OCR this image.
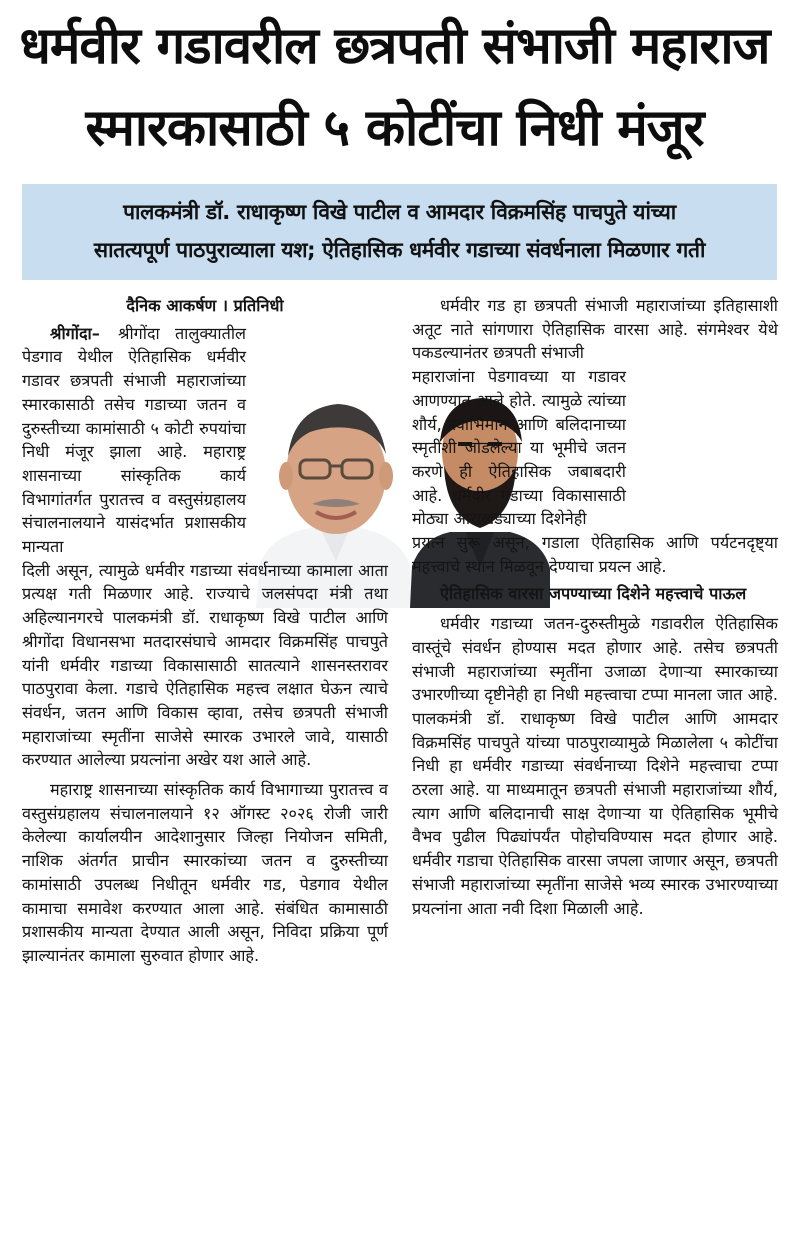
धर्मवीर गडावरील छत्रपती संभाजी महाराज
स्मारकासाठी ५ कोटींचा निधी मंजूर
पालकमंत्री डॉ. राधाकृष्ण विखे पाटील व आमदार विक्रमसिंह पाचपुते यांच्या
सातत्यपूर्ण पाठपुराव्याला यश; ऐतिहासिक धर्मवीर गडाच्या संवर्धनाला मिळणार गती
दैनिक आकर्षण । प्रतिनिधी

श्रीगोंदा–	श्रीगोंदा तालुक्यातील पेडगाव येथील ऐतिहासिक धर्मवीर गडावर छत्रपती संभाजी महाराजांच्या स्मारकासाठी तसेच गडाच्या जतन व दुरुस्तीच्या कामांसाठी ५ कोटी रुपयांचा निधी मंजूर झाला आहे. महाराष्ट्र शासनाच्या सांस्कृतिक कार्य विभागांतर्गत पुरातत्त्व व वस्तुसंग्रहालय संचालनालयाने यासंदर्भात प्रशासकीय मान्यता

दिली असून, त्यामुळे धर्मवीर गडाच्या संवर्धनाच्या कामाला आता प्रत्यक्ष गती मिळणार आहे. राज्याचे जलसंपदा मंत्री तथा अहिल्यानगरचे पालकमंत्री डॉ. राधाकृष्ण विखे पाटील आणि श्रीगोंदा विधानसभा मतदारसंघाचे आमदार विक्रमसिंह पाचपुते यांनी धर्मवीर गडाच्या विकासासाठी सातत्याने शासनस्तरावर पाठपुरावा केला. गडाचे ऐतिहासिक महत्त्व लक्षात घेऊन त्याचे संवर्धन, जतन आणि विकास व्हावा, तसेच छत्रपती संभाजी महाराजांच्या स्मृतींना साजेसे स्मारक उभारले जावे, यासाठी करण्यात आलेल्या प्रयत्नांना अखेर यश आले आहे.

महाराष्ट्र शासनाच्या सांस्कृतिक कार्य विभागाच्या पुरातत्त्व व वस्तुसंग्रहालय संचालनालयाने १२ ऑगस्ट २०२६ रोजी जारी केलेल्या कार्यालयीन आदेशानुसार जिल्हा नियोजन समिती, नाशिक अंतर्गत प्राचीन स्मारकांच्या जतन व दुरुस्तीच्या कामांसाठी उपलब्ध निधीतून धर्मवीर गड, पेडगाव येथील कामाचा समावेश करण्यात आला आहे. संबंधित कामासाठी प्रशासकीय मान्यता देण्यात आली असून, निविदा प्रक्रिया पूर्ण झाल्यानंतर कामाला सुरुवात होणार आहे.

धर्मवीर गड हा छत्रपती संभाजी महाराजांच्या इतिहासाशी अतूट नाते सांगणारा ऐतिहासिक वारसा आहे. संगमेश्वर येथे पकडल्यानंतर छत्रपती संभाजी

महाराजांना पेडगावच्या या गडावर आणण्यात आले होते. त्यामुळे त्यांच्या शौर्य, स्वाभिमान आणि बलिदानाच्या स्मृतींशी जोडलेल्या या भूमीचे जतन करणे ही ऐतिहासिक जबाबदारी आहे. धर्मवीर गडाच्या विकासासाठी मोठ्या आराखड्याच्या दिशेनेही

प्रयत्न सुरू असून, गडाला ऐतिहासिक आणि पर्यटनदृष्ट्या महत्त्वाचे स्थान मिळवून देण्याचा प्रयत्न आहे.

ऐतिहासिक वारसा जपण्याच्या दिशेने महत्त्वाचे पाऊल

धर्मवीर गडाच्या जतन-दुरुस्तीमुळे गडावरील ऐतिहासिक वास्तूंचे संवर्धन होण्यास मदत होणार आहे. तसेच छत्रपती संभाजी महाराजांच्या स्मृतींना उजाळा देणाऱ्या स्मारकाच्या उभारणीच्या दृष्टीनेही हा निधी महत्त्वाचा टप्पा मानला जात आहे. पालकमंत्री डॉ. राधाकृष्ण विखे पाटील आणि आमदार विक्रमसिंह पाचपुते यांच्या पाठपुराव्यामुळे मिळालेला ५ कोटींचा निधी हा धर्मवीर गडाच्या संवर्धनाच्या दिशेने महत्त्वाचा टप्पा ठरला आहे. या माध्यमातून छत्रपती संभाजी महाराजांच्या शौर्य, त्याग आणि बलिदानाची साक्ष देणाऱ्या या ऐतिहासिक भूमीचे वैभव पुढील पिढ्यांपर्यंत पोहोचविण्यास मदत होणार आहे. धर्मवीर गडाचा ऐतिहासिक वारसा जपला जाणार असून, छत्रपती संभाजी महाराजांच्या स्मृतींना साजेसे भव्य स्मारक उभारण्याच्या प्रयत्नांना आता नवी दिशा मिळाली आहे.
